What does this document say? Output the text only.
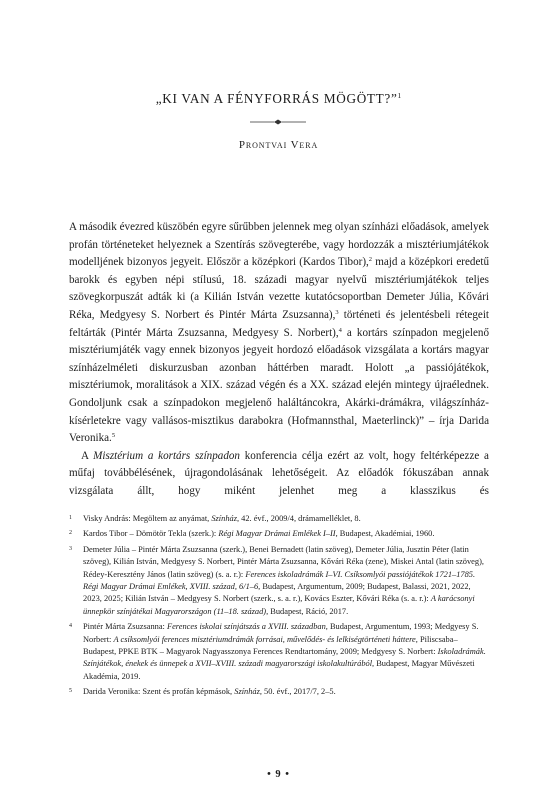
„KI VAN A FÉNYFORRÁS MÖGÖTT?”$^1$
Prontvai Vera

A második évezred küszöbén egyre sűrűbben jelennek meg olyan színházi előadások, amelyek profán történeteket helyeznek a Szentírás szövegterébe, vagy hordozzák a misztériumjátékok modelljének bizonyos jegyeit. Először a középkori (Kardos Tibor),$^2$ majd a középkori eredetű barokk és egyben népi stílusú, 18. századi magyar nyelvű misztériumjátékok teljes szövegkorpuszát adták ki (a Kilián István vezette kutatócsoportban Demeter Júlia, Kővári Réka, Medgyesy S. Norbert és Pintér Márta Zsuzsanna),$^3$ történeti és jelentésbeli rétegeit feltárták (Pintér Márta Zsuzsanna, Medgyesy S. Norbert),$^4$ a kortárs színpadon megjelenő misztériumjáték vagy ennek bizonyos jegyeit hordozó előadások vizsgálata a kortárs magyar színházelméleti diskurzusban azonban háttérben maradt. Holott „a passiójátékok, misztériumok, moralitások a XIX. század végén és a XX. század elején mintegy újraélednek. Gondoljunk csak a színpadokon megjelenő haláltáncokra, Akárki-drámákra, világszínház-kísérletekre vagy vallásos-misztikus darabokra (Hofmannsthal, Maeterlinck)” – írja Darida Veronika.$^5$

A Misztérium a kortárs színpadon konferencia célja ezért az volt, hogy feltérképezze a műfaj továbbélésének, újragondolásának lehetőségeit. Az előadók fókuszában annak vizsgálata állt, hogy miként jelenhet meg a klasszikus és

1 Visky András: Megöltem az anyámat, Színház, 42. évf., 2009/4, drámamelléklet, 8.
2 Kardos Tibor – Dömötör Tekla (szerk.): Régi Magyar Drámai Emlékek I–II, Budapest, Akadémiai, 1960.
3 Demeter Júlia – Pintér Márta Zsuzsanna (szerk.), Benei Bernadett (latin szöveg), Demeter Júlia, Jusztin Péter (latin szöveg), Kilián István, Medgyesy S. Norbert, Pintér Márta Zsuzsanna, Kővári Réka (zene), Miskei Antal (latin szöveg), Rédey-Keresztény János (latin szöveg) (s. a. r.): Ferences iskoladrámák I–VI. Csíksomlyói passiójátékok 1721–1785. Régi Magyar Drámai Emlékek, XVIII. század, 6/1–6, Budapest, Argumentum, 2009; Budapest, Balassi, 2021, 2022, 2023, 2025; Kilián István – Medgyesy S. Norbert (szerk., s. a. r.), Kovács Eszter, Kővári Réka (s. a. r.): A karácsonyi ünnepkör színjátékai Magyarországon (11–18. század), Budapest, Ráció, 2017.
4 Pintér Márta Zsuzsanna: Ferences iskolai színjátszás a XVIII. században, Budapest, Argumentum, 1993; Medgyesy S. Norbert: A csíksomlyói ferences misztériumdrámák forrásai, művelődés- és lelkiségtörténeti háttere, Piliscsaba–Budapest, PPKE BTK – Magyarok Nagyasszonya Ferences Rendtartomány, 2009; Medgyesy S. Norbert: Iskoladrámák. Színjátékok, énekek és ünnepek a XVII–XVIII. századi magyarországi iskolakultúrából, Budapest, Magyar Művészeti Akadémia, 2019.
5 Darida Veronika: Szent és profán képmások, Színház, 50. évf., 2017/7, 2–5.
• 9 •
